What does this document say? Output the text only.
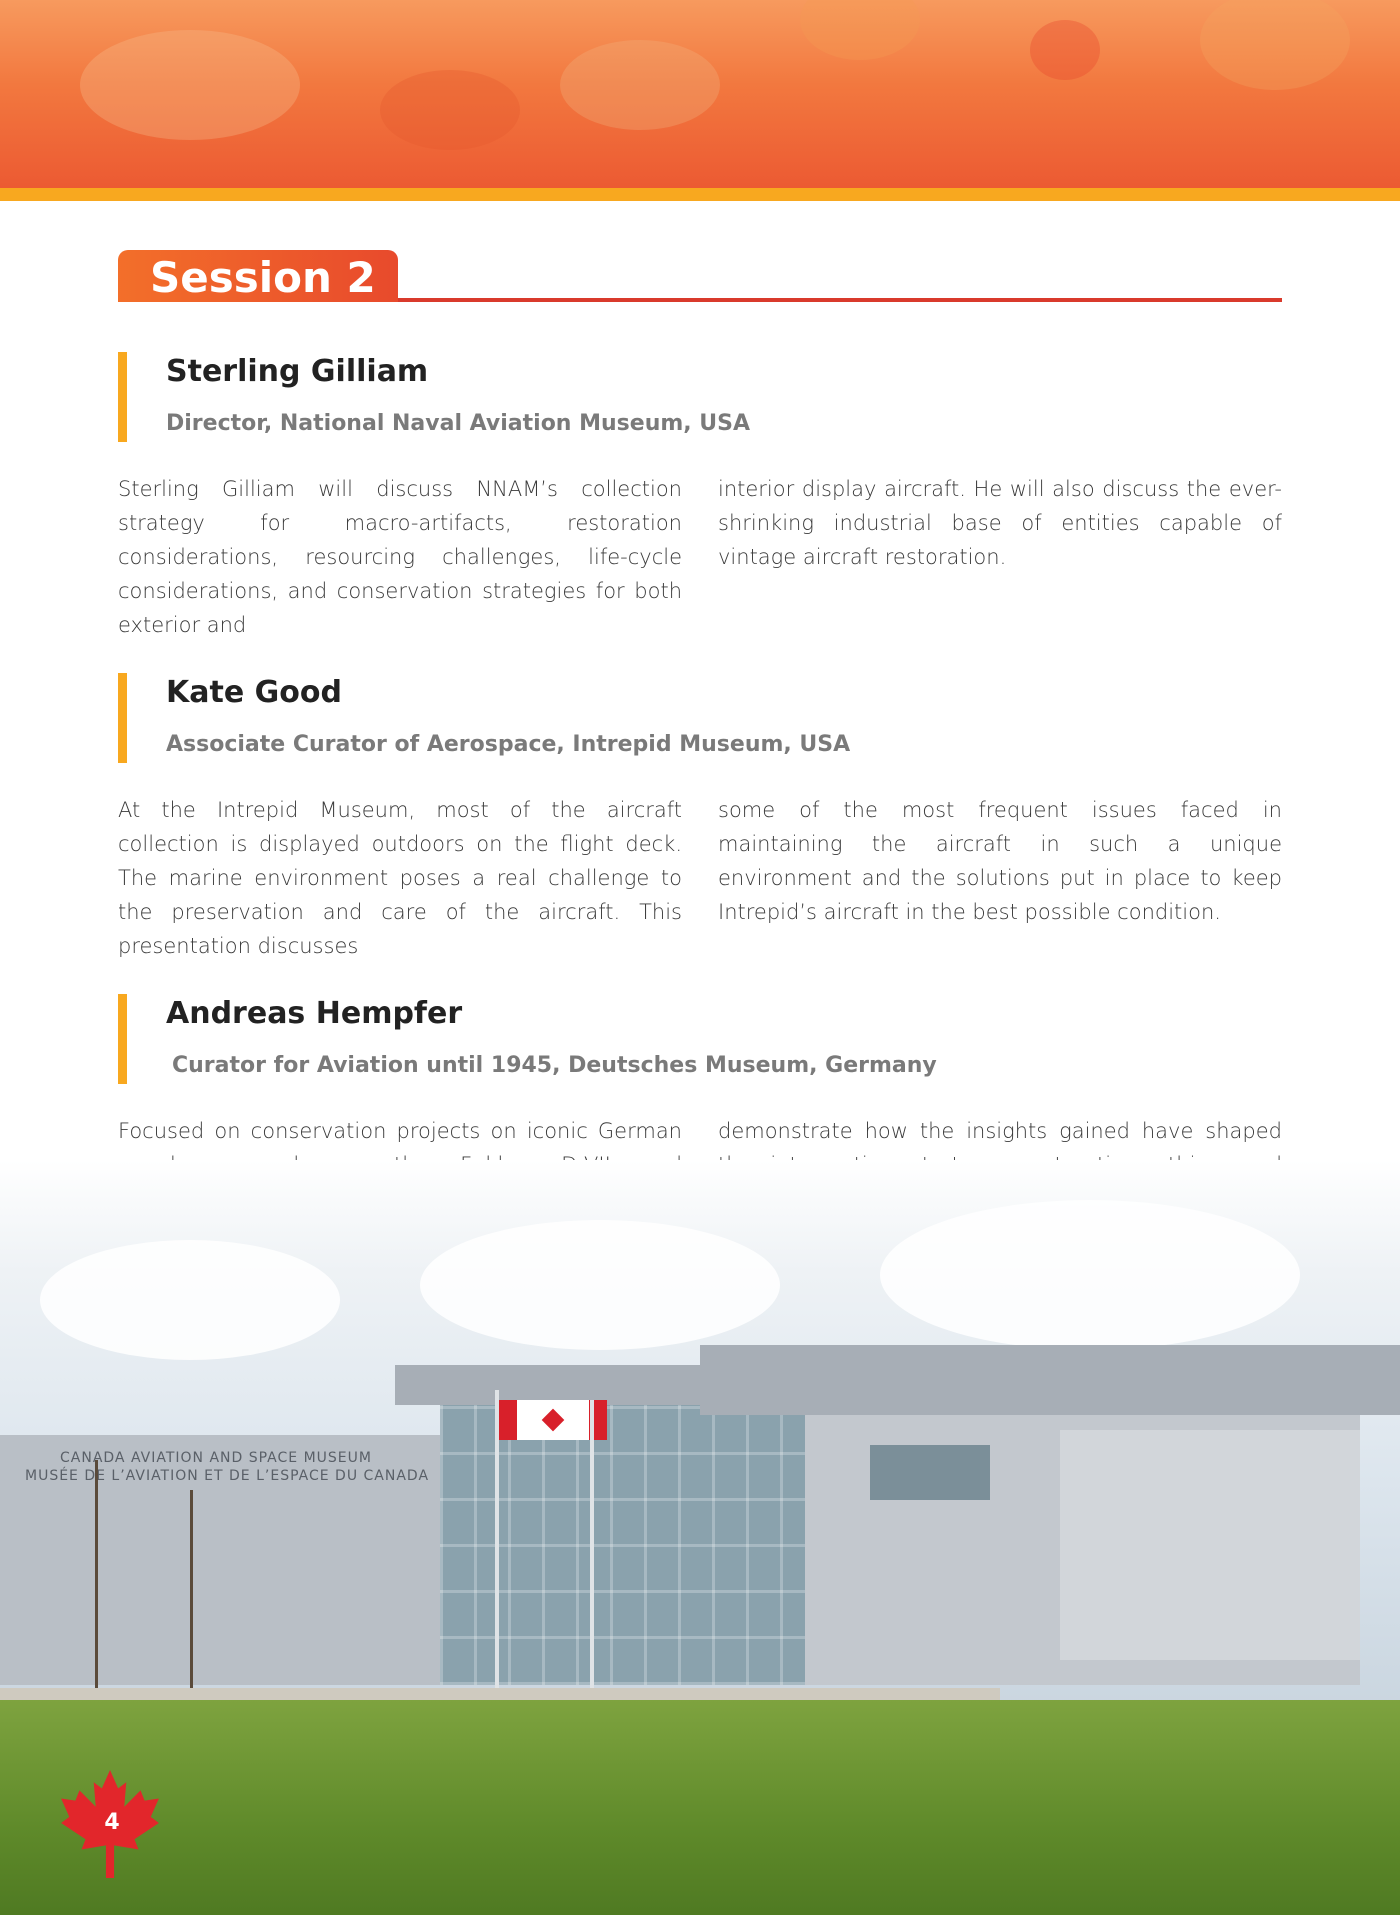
Session 2
Sterling Gilliam
Director, National Naval Aviation Museum, USA
Sterling Gilliam will discuss NNAM’s collection strategy for macro-artifacts, restoration considerations, resourcing challenges, life-cycle considerations, and conservation strategies for both exterior and
interior display aircraft. He will also discuss the ever-shrinking industrial base of entities capable of vintage aircraft restoration.
Kate Good
Associate Curator of Aerospace, Intrepid Museum, USA
At the Intrepid Museum, most of the aircraft collection is displayed outdoors on the flight deck. The marine environment poses a real challenge to the preservation and care of the aircraft. This presentation discusses
some of the most frequent issues faced in maintaining the aircraft in such a unique environment and the solutions put in place to keep Intrepid’s aircraft in the best possible condition.
Andreas Hempfer
Curator for Aviation until 1945, Deutsches Museum, Germany
Focused on conservation projects on iconic German demonstrate how the insights gained have shaped
CANADA AVIATION AND SPACE MUSEUM
MUSÉE DE L’AVIATION ET DE L’ESPACE DU CANADA
4
